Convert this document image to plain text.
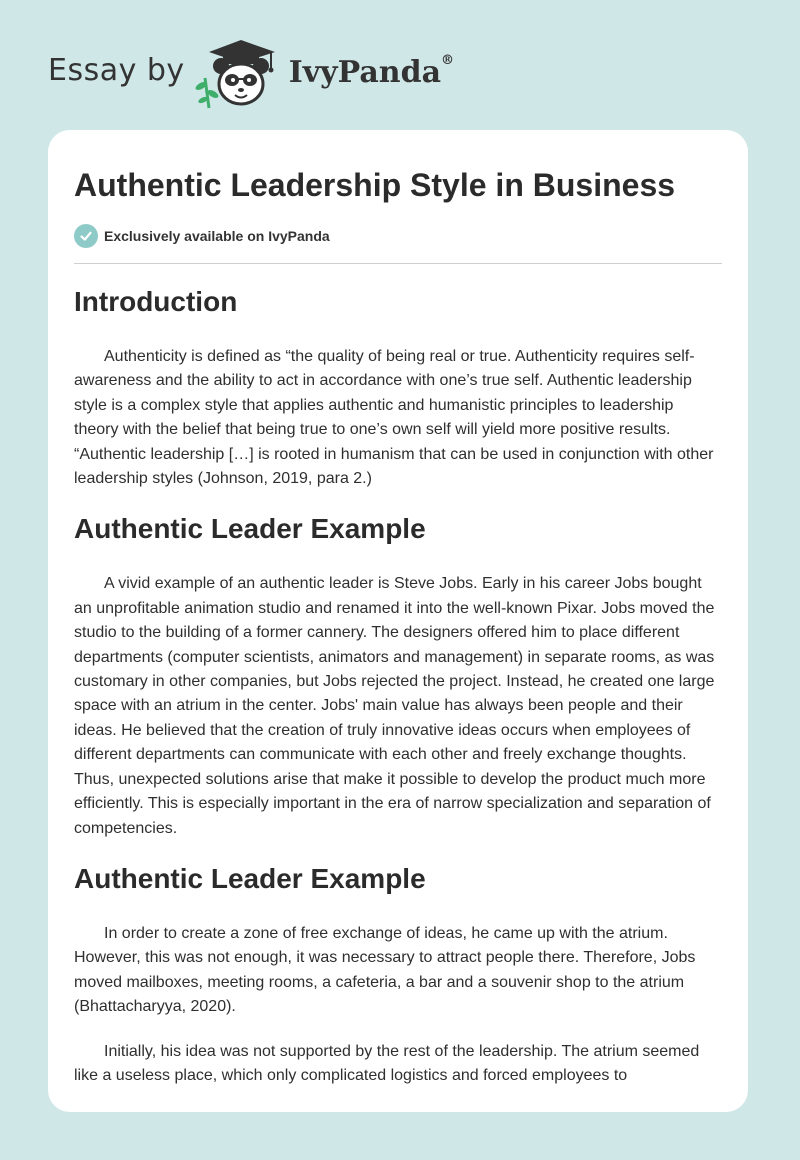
Essay by	IvyPanda®
Authentic Leadership Style in Business
Exclusively available on IvyPanda
Introduction

Authenticity is defined as “the quality of being real or true. Authenticity requires self-awareness and the ability to act in accordance with one’s true self. Authentic leadership style is a complex style that applies authentic and humanistic principles to leadership theory with the belief that being true to one’s own self will yield more positive results. “Authentic leadership […] is rooted in humanism that can be used in conjunction with other leadership styles (Johnson, 2019, para 2.)

Authentic Leader Example

A vivid example of an authentic leader is Steve Jobs. Early in his career Jobs bought an unprofitable animation studio and renamed it into the well-known Pixar. Jobs moved the studio to the building of a former cannery. The designers offered him to place different departments (computer scientists, animators and management) in separate rooms, as was customary in other companies, but Jobs rejected the project. Instead, he created one large space with an atrium in the center. Jobs' main value has always been people and their ideas. He believed that the creation of truly innovative ideas occurs when employees of different departments can communicate with each other and freely exchange thoughts. Thus, unexpected solutions arise that make it possible to develop the product much more efficiently. This is especially important in the era of narrow specialization and separation of competencies.

Authentic Leader Example

In order to create a zone of free exchange of ideas, he came up with the atrium. However, this was not enough, it was necessary to attract people there. Therefore, Jobs moved mailboxes, meeting rooms, a cafeteria, a bar and a souvenir shop to the atrium (Bhattacharyya, 2020).

Initially, his idea was not supported by the rest of the leadership. The atrium seemed like a useless place, which only complicated logistics and forced employees to
